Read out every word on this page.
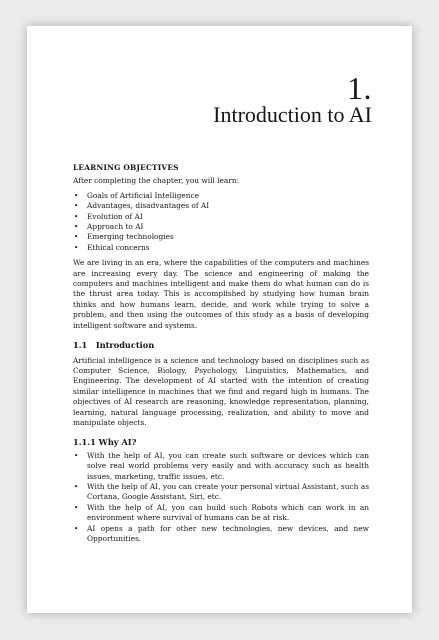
1.
Introduction to AI
LEARNING OBJECTIVES
After completing the chapter, you will learn:
• Goals of Artificial Intelligence
• Advantages, disadvantages of AI
• Evolution of AI
• Approach to AI
• Emerging technologies
• Ethical concerns

We are living in an era, where the capabilities of the computers and machines are increasing every day. The science and engineering of making the computers and machines intelligent and make them do what human can do is the thrust area today. This is accomplished by studying how human brain thinks and how humans learn, decide, and work while trying to solve a problem, and then using the outcomes of this study as a basis of developing intelligent software and systems.

1.1 Introduction

Artificial intelligence is a science and technology based on disciplines such as Computer Science, Biology, Psychology, Linguistics, Mathematics, and Engineering. The development of AI started with the intention of creating similar intelligence in machines that we find and regard high in humans. The objectives of AI research are reasoning, knowledge representation, planning, learning, natural language processing, realization, and ability to move and manipulate objects.

1.1.1 Why AI?
• With the help of AI, you can create such software or devices which can solve real world problems very easily and with accuracy such as health issues, marketing, traffic issues, etc.
• With the help of AI, you can create your personal virtual Assistant, such as Cortana, Google Assistant, Siri, etc.
• With the help of AI, you can build such Robots which can work in an environment where survival of humans can be at risk.
• AI opens a path for other new technologies, new devices, and new Opportunities.
